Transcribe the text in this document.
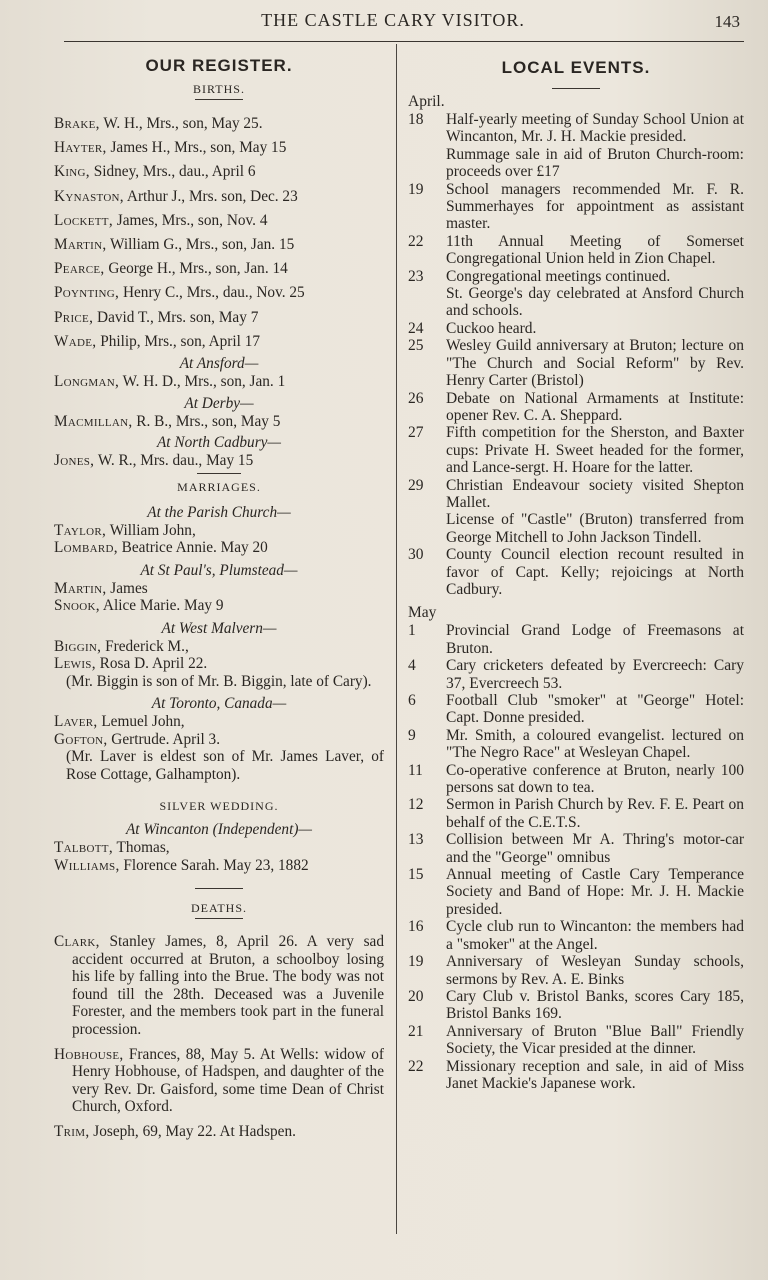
THE CASTLE CARY VISITOR.	143
OUR REGISTER.
BIRTHS.
Brake, W. H., Mrs., son, May 25.
Hayter, James H., Mrs., son, May 15
King, Sidney, Mrs., dau., April 6
Kynaston, Arthur J., Mrs. son, Dec. 23
Lockett, James, Mrs., son, Nov. 4
Martin, William G., Mrs., son, Jan. 15
Pearce, George H., Mrs., son, Jan. 14
Poynting, Henry C., Mrs., dau., Nov. 25
Price, David T., Mrs. son, May 7
Wade, Philip, Mrs., son, April 17
At Ansford—
Longman, W. H. D., Mrs., son, Jan. 1
At Derby—
Macmillan, R. B., Mrs., son, May 5
At North Cadbury—
Jones, W. R., Mrs. dau., May 15
MARRIAGES.
At the Parish Church—
Taylor, William John,
Lombard, Beatrice Annie. May 20
At St Paul's, Plumstead—
Martin, James
Snook, Alice Marie. May 9
At West Malvern—
Biggin, Frederick M.,
Lewis, Rosa D. April 22.
(Mr. Biggin is son of Mr. B. Biggin, late of Cary).
At Toronto, Canada—
Laver, Lemuel John,
Gofton, Gertrude. April 3.
(Mr. Laver is eldest son of Mr. James Laver, of Rose Cottage, Galhampton).
SILVER WEDDING.
At Wincanton (Independent)—
Talbott, Thomas,
Williams, Florence Sarah. May 23, 1882
DEATHS.
Clark, Stanley James, 8, April 26. A very sad accident occurred at Bruton, a schoolboy losing his life by falling into the Brue. The body was not found till the 28th. Deceased was a Juvenile Forester, and the members took part in the funeral procession.
Hobhouse, Frances, 88, May 5. At Wells: widow of Henry Hobhouse, of Hadspen, and daughter of the very Rev. Dr. Gaisford, some time Dean of Christ Church, Oxford.
Trim, Joseph, 69, May 22. At Hadspen.
LOCAL EVENTS.
April.
18	Half-yearly meeting of Sunday School Union at Wincanton, Mr. J. H. Mackie presided.
Rummage sale in aid of Bruton Church-room: proceeds over £17
19	School managers recommended Mr. F. R. Summerhayes for appointment as assistant master.
22	11th Annual Meeting of Somerset Congregational Union held in Zion Chapel.
23	Congregational meetings continued.
St. George's day celebrated at Ansford Church and schools.
24	Cuckoo heard.
25	Wesley Guild anniversary at Bruton; lecture on "The Church and Social Reform" by Rev. Henry Carter (Bristol)
26	Debate on National Armaments at Institute: opener Rev. C. A. Sheppard.
27	Fifth competition for the Sherston, and Baxter cups: Private H. Sweet headed for the former, and Lance-sergt. H. Hoare for the latter.
29	Christian Endeavour society visited Shepton Mallet.
License of "Castle" (Bruton) transferred from George Mitchell to John Jackson Tindell.
30	County Council election recount resulted in favor of Capt. Kelly; rejoicings at North Cadbury.
May
1	Provincial Grand Lodge of Freemasons at Bruton.
4	Cary cricketers defeated by Evercreech: Cary 37, Evercreech 53.
6	Football Club "smoker" at "George" Hotel: Capt. Donne presided.
9	Mr. Smith, a coloured evangelist. lectured on "The Negro Race" at Wesleyan Chapel.
11	Co-operative conference at Bruton, nearly 100 persons sat down to tea.
12	Sermon in Parish Church by Rev. F. E. Peart on behalf of the C.E.T.S.
13	Collision between Mr A. Thring's motor-car and the "George" omnibus
15	Annual meeting of Castle Cary Temperance Society and Band of Hope: Mr. J. H. Mackie presided.
16	Cycle club run to Wincanton: the members had a "smoker" at the Angel.
19	Anniversary of Wesleyan Sunday schools, sermons by Rev. A. E. Binks
20	Cary Club v. Bristol Banks, scores Cary 185, Bristol Banks 169.
21	Anniversary of Bruton "Blue Ball" Friendly Society, the Vicar presided at the dinner.
22	Missionary reception and sale, in aid of Miss Janet Mackie's Japanese work.
